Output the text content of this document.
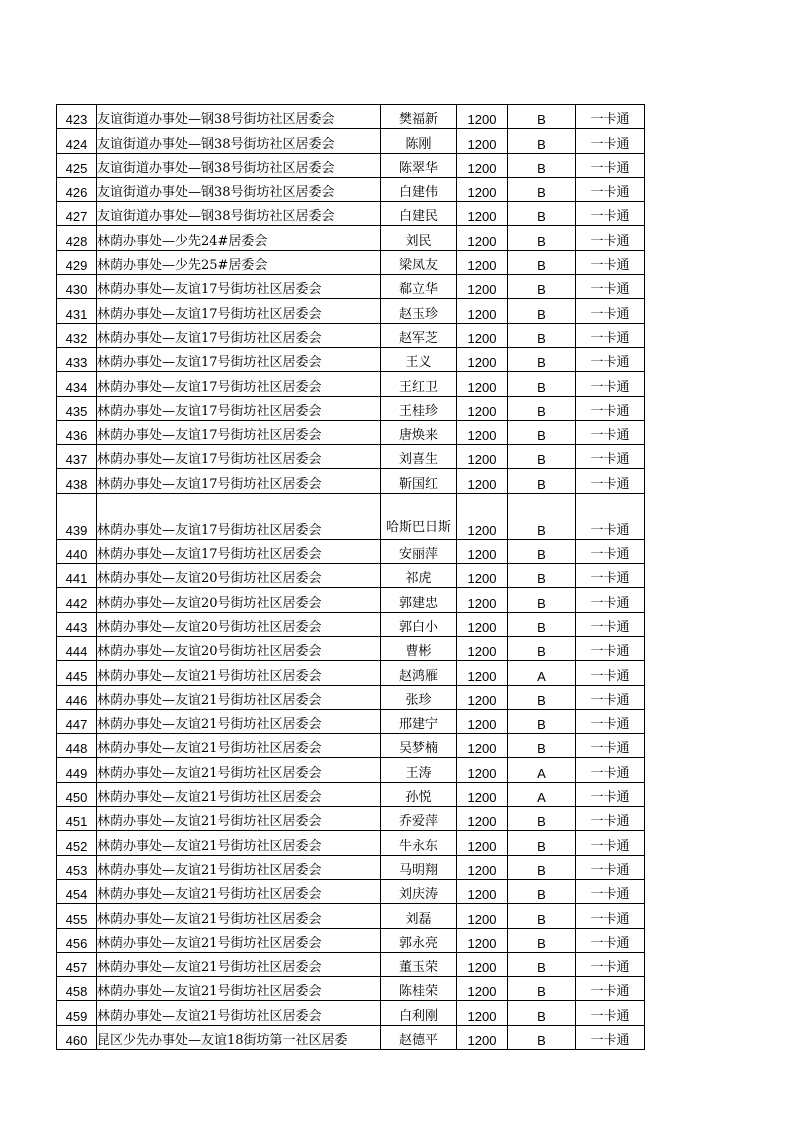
423	友谊街道办事处—钢38号街坊社区居委会	樊福新	1200	B	一卡通
424	友谊街道办事处—钢38号街坊社区居委会	陈刚	1200	B	一卡通
425	友谊街道办事处—钢38号街坊社区居委会	陈翠华	1200	B	一卡通
426	友谊街道办事处—钢38号街坊社区居委会	白建伟	1200	B	一卡通
427	友谊街道办事处—钢38号街坊社区居委会	白建民	1200	B	一卡通
428	林荫办事处—少先24#居委会	刘民	1200	B	一卡通
429	林荫办事处—少先25#居委会	梁凤友	1200	B	一卡通
430	林荫办事处—友谊17号街坊社区居委会	郗立华	1200	B	一卡通
431	林荫办事处—友谊17号街坊社区居委会	赵玉珍	1200	B	一卡通
432	林荫办事处—友谊17号街坊社区居委会	赵军芝	1200	B	一卡通
433	林荫办事处—友谊17号街坊社区居委会	王义	1200	B	一卡通
434	林荫办事处—友谊17号街坊社区居委会	王红卫	1200	B	一卡通
435	林荫办事处—友谊17号街坊社区居委会	王桂珍	1200	B	一卡通
436	林荫办事处—友谊17号街坊社区居委会	唐焕来	1200	B	一卡通
437	林荫办事处—友谊17号街坊社区居委会	刘喜生	1200	B	一卡通
438	林荫办事处—友谊17号街坊社区居委会	靳国红	1200	B	一卡通
439	林荫办事处—友谊17号街坊社区居委会	哈斯巴日斯	1200	B	一卡通
440	林荫办事处—友谊17号街坊社区居委会	安丽萍	1200	B	一卡通
441	林荫办事处—友谊20号街坊社区居委会	祁虎	1200	B	一卡通
442	林荫办事处—友谊20号街坊社区居委会	郭建忠	1200	B	一卡通
443	林荫办事处—友谊20号街坊社区居委会	郭白小	1200	B	一卡通
444	林荫办事处—友谊20号街坊社区居委会	曹彬	1200	B	一卡通
445	林荫办事处—友谊21号街坊社区居委会	赵鸿雁	1200	A	一卡通
446	林荫办事处—友谊21号街坊社区居委会	张珍	1200	B	一卡通
447	林荫办事处—友谊21号街坊社区居委会	邢建宁	1200	B	一卡通
448	林荫办事处—友谊21号街坊社区居委会	吴梦楠	1200	B	一卡通
449	林荫办事处—友谊21号街坊社区居委会	王涛	1200	A	一卡通
450	林荫办事处—友谊21号街坊社区居委会	孙悦	1200	A	一卡通
451	林荫办事处—友谊21号街坊社区居委会	乔爱萍	1200	B	一卡通
452	林荫办事处—友谊21号街坊社区居委会	牛永东	1200	B	一卡通
453	林荫办事处—友谊21号街坊社区居委会	马明翔	1200	B	一卡通
454	林荫办事处—友谊21号街坊社区居委会	刘庆涛	1200	B	一卡通
455	林荫办事处—友谊21号街坊社区居委会	刘磊	1200	B	一卡通
456	林荫办事处—友谊21号街坊社区居委会	郭永亮	1200	B	一卡通
457	林荫办事处—友谊21号街坊社区居委会	董玉荣	1200	B	一卡通
458	林荫办事处—友谊21号街坊社区居委会	陈桂荣	1200	B	一卡通
459	林荫办事处—友谊21号街坊社区居委会	白利刚	1200	B	一卡通
460	昆区少先办事处—友谊18街坊第一社区居委	赵德平	1200	B	一卡通
